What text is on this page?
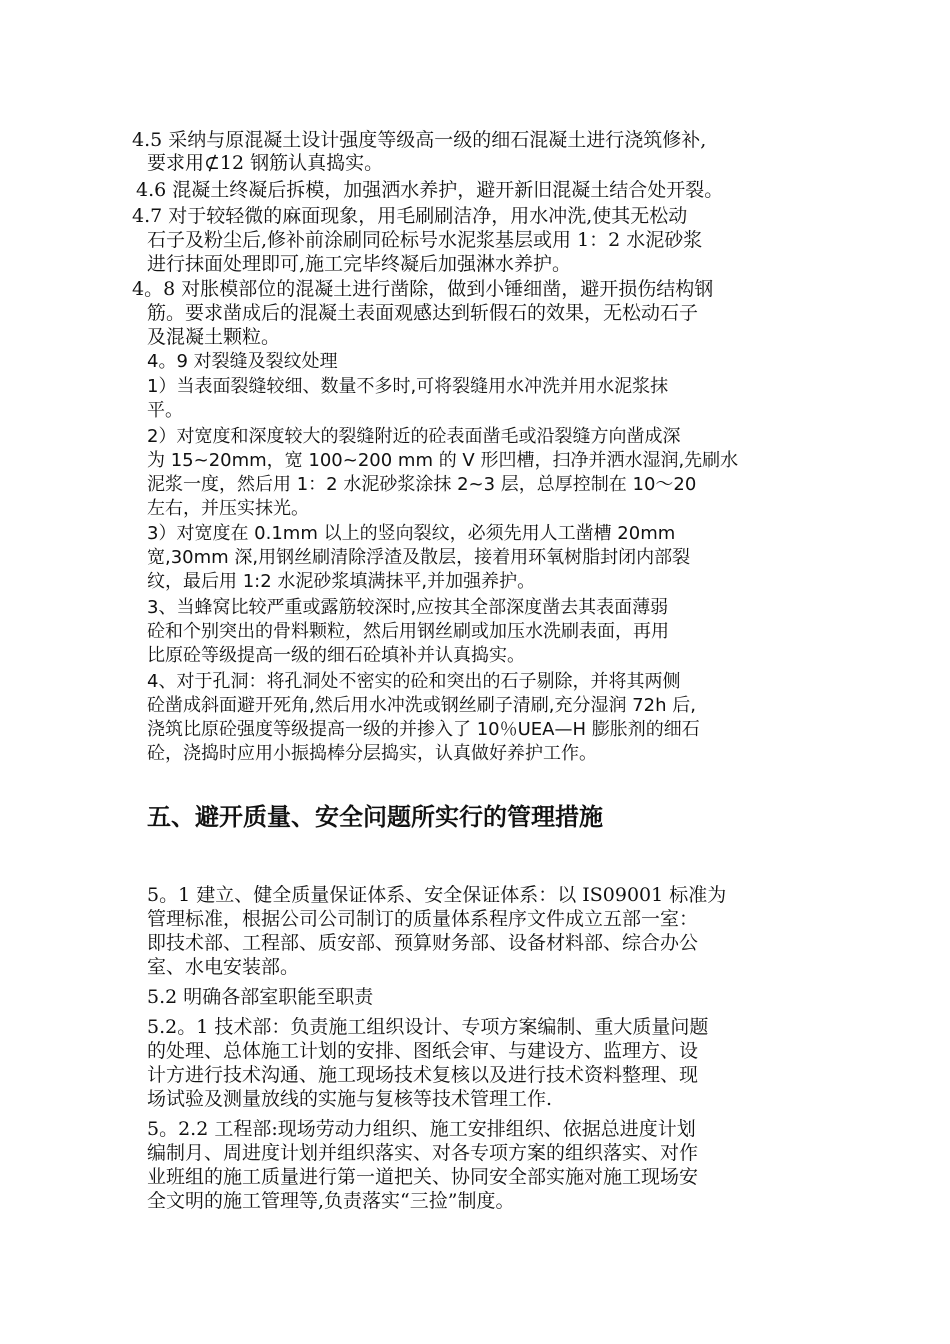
4.5 采纳与原混凝土设计强度等级高一级的细石混凝土进行浇筑修补,
要求用⊄12 钢筋认真捣实。
4.6 混凝土终凝后拆模，加强洒水养护，避开新旧混凝土结合处开裂。
4.7 对于较轻微的麻面现象，用毛刷刷洁净，用水冲洗,使其无松动
石子及粉尘后,修补前涂刷同砼标号水泥浆基层或用 1：2 水泥砂浆
进行抹面处理即可,施工完毕终凝后加强淋水养护。
4。8 对胀模部位的混凝土进行凿除，做到小锤细凿，避开损伤结构钢
筋。要求凿成后的混凝土表面观感达到斩假石的效果，无松动石子
及混凝土颗粒。
4。9 对裂缝及裂纹处理
1）当表面裂缝较细、数量不多时,可将裂缝用水冲洗并用水泥浆抹
平。
2）对宽度和深度较大的裂缝附近的砼表面凿毛或沿裂缝方向凿成深
为 15~20mm，宽 100~200 mm 的 V 形凹槽，扫净并洒水湿润,先刷水
泥浆一度，然后用 1：2 水泥砂浆涂抹 2~3 层，总厚控制在 10～20
左右，并压实抹光。
3）对宽度在 0.1mm 以上的竖向裂纹，必须先用人工凿槽 20mm
宽,30mm 深,用钢丝刷清除浮渣及散层，接着用环氧树脂封闭内部裂
纹，最后用 1:2 水泥砂浆填满抹平,并加强养护。
3、当蜂窝比较严重或露筋较深时,应按其全部深度凿去其表面薄弱
砼和个别突出的骨料颗粒，然后用钢丝刷或加压水洗刷表面，再用
比原砼等级提高一级的细石砼填补并认真捣实。
4、对于孔洞：将孔洞处不密实的砼和突出的石子剔除，并将其两侧
砼凿成斜面避开死角,然后用水冲洗或钢丝刷子清刷,充分湿润 72h 后,
浇筑比原砼强度等级提高一级的并掺入了 10％UEA—H 膨胀剂的细石
砼，浇捣时应用小振捣棒分层捣实，认真做好养护工作。
五、避开质量、安全问题所实行的管理措施
5。1 建立、健全质量保证体系、安全保证体系：以 IS09001 标准为
管理标准，根据公司公司制订的质量体系程序文件成立五部一室：
即技术部、工程部、质安部、预算财务部、设备材料部、综合办公
室、水电安装部。
5.2 明确各部室职能至职责
5.2。1 技术部：负责施工组织设计、专项方案编制、重大质量问题
的处理、总体施工计划的安排、图纸会审、与建设方、监理方、设
计方进行技术沟通、施工现场技术复核以及进行技术资料整理、现
场试验及测量放线的实施与复核等技术管理工作.
5。2.2 工程部:现场劳动力组织、施工安排组织、依据总进度计划
编制月、周进度计划并组织落实、对各专项方案的组织落实、对作
业班组的施工质量进行第一道把关、协同安全部实施对施工现场安
全文明的施工管理等,负责落实“三捡”制度。
